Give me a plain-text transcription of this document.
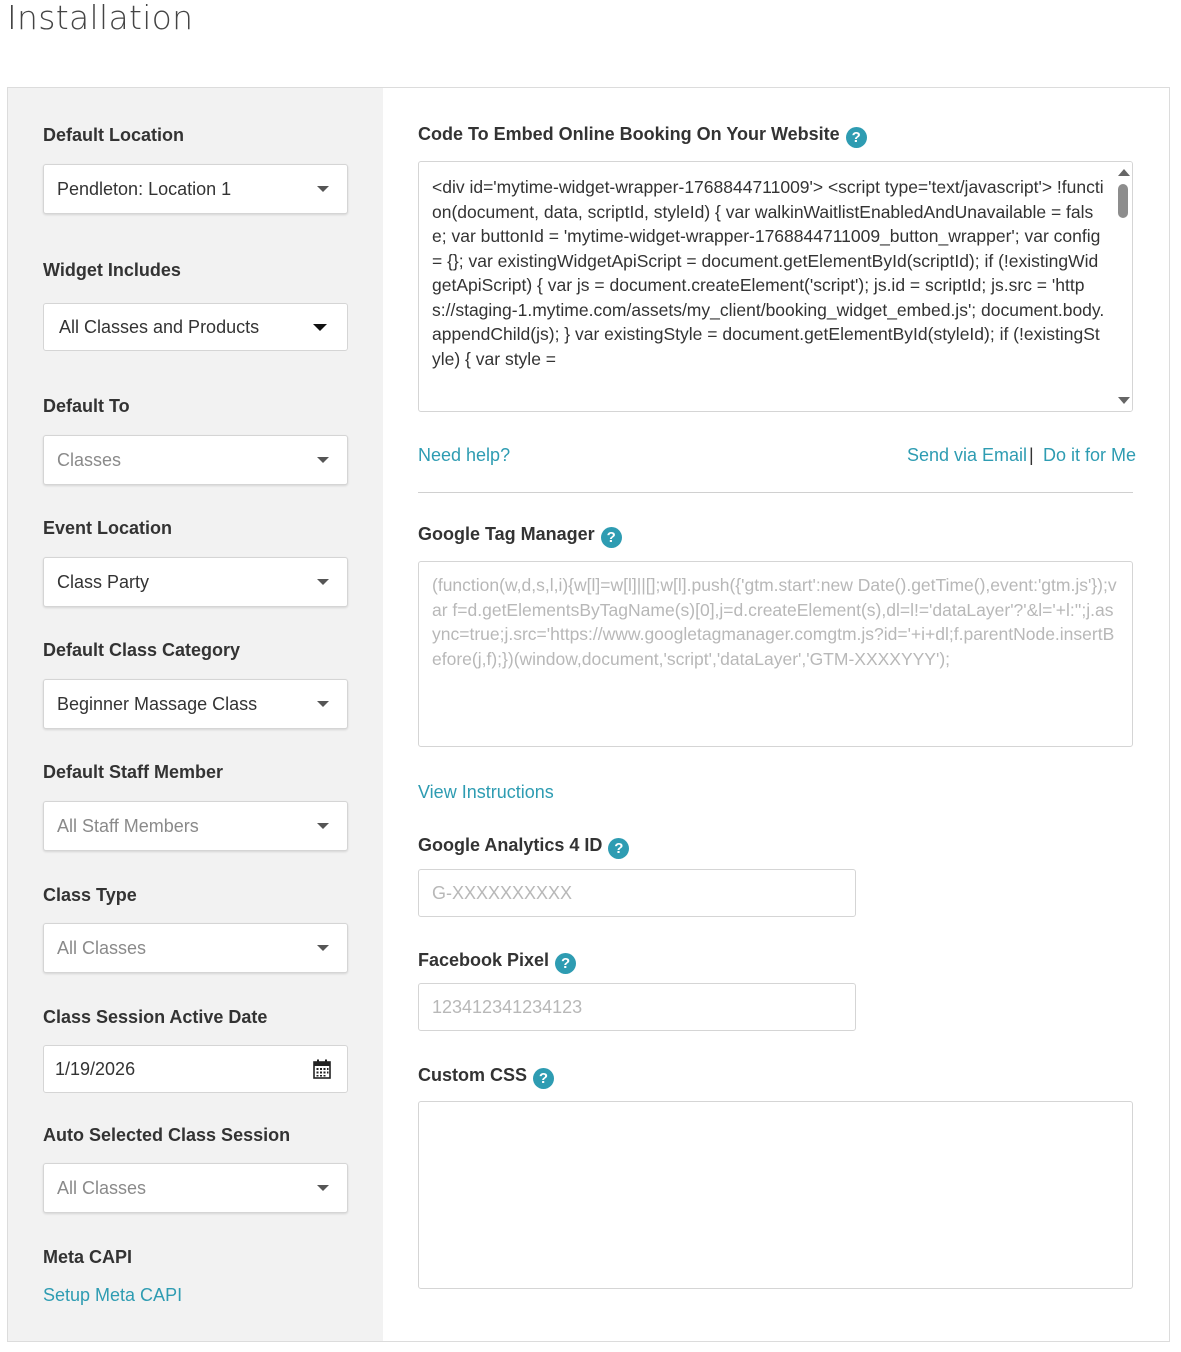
Installation
Default Location
Pendleton: Location 1
Widget Includes
All Classes and Products
Default To
Classes
Event Location
Class Party
Default Class Category
Beginner Massage Class
Default Staff Member
All Staff Members
Class Type
All Classes
Class Session Active Date
1/19/2026
Auto Selected Class Session
All Classes
Meta CAPI
Setup Meta CAPI
Code To Embed Online Booking On Your Website ?
<div id='mytime-widget-wrapper-1768844711009'> <script type='text/javascript'> !function(document, data, scriptId, styleId) { var walkinWaitlistEnabledAndUnavailable = false; var buttonId = 'mytime-widget-wrapper-1768844711009_button_wrapper'; var config = {}; var existingWidgetApiScript = document.getElementById(scriptId); if (!existingWidgetApiScript) { var js = document.createElement('script'); js.id = scriptId; js.src = 'https://staging-1.mytime.com/assets/my_client/booking_widget_embed.js'; document.body.appendChild(js); } var existingStyle = document.getElementById(styleId); if (!existingStyle) { var style =
Need help?	Send via Email | Do it for Me
Google Tag Manager ?
(function(w,d,s,l,i){w[l]=w[l]||[];w[l].push({'gtm.start':new Date().getTime(),event:'gtm.js'});var f=d.getElementsByTagName(s)[0],j=d.createElement(s),dl=l!='dataLayer'?'&l='+l:'';j.async=true;j.src='https://www.googletagmanager.comgtm.js?id='+i+dl;f.parentNode.insertBefore(j,f);})(window,document,'script','dataLayer','GTM-XXXXYYY');
View Instructions
Google Analytics 4 ID ?
G-XXXXXXXXXX
Facebook Pixel ?
123412341234123
Custom CSS ?
